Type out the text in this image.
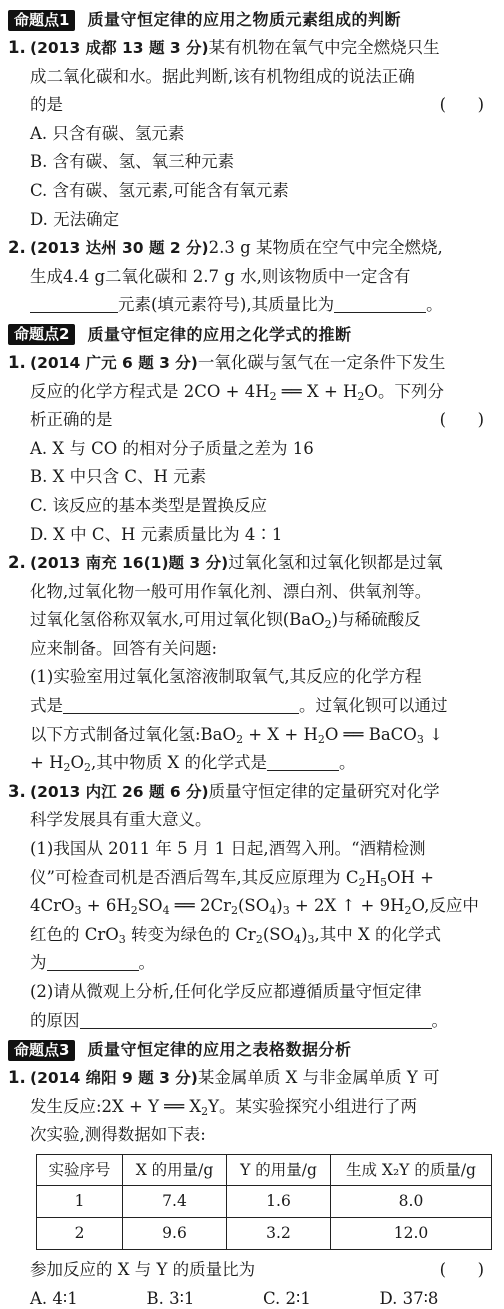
命题点1	质量守恒定律的应用之物质元素组成的判断
1. (2013 成都 13 题 3 分)某有机物在氧气中完全燃烧只生
成二氧化碳和水。据此判断,该有机物组成的说法正确
的是	(      )
A. 只含有碳、氢元素
B. 含有碳、氢、氧三种元素
C. 含有碳、氢元素,可能含有氧元素
D. 无法确定
2. (2013 达州 30 题 2 分)2.3 g 某物质在空气中完全燃烧,
生成4.4 g二氧化碳和 2.7 g 水,则该物质中一定含有
元素(填元素符号),其质量比为	。
命题点2	质量守恒定律的应用之化学式的推断
1. (2014 广元 6 题 3 分)一氧化碳与氢气在一定条件下发生
反应的化学方程式是 $2CO + 4H_2$ ══ $X + H_2O$。下列分
析正确的是	(      )
A. X 与 CO 的相对分子质量之差为 16
B. X 中只含 C、H 元素
C. 该反应的基本类型是置换反应
D. X 中 C、H 元素质量比为 4∶1
2. (2013 南充 16(1)题 3 分)过氧化氢和过氧化钡都是过氧
化物,过氧化物一般可用作氧化剂、漂白剂、供氧剂等。
过氧化氢俗称双氧水,可用过氧化钡(BaO$_2$)与稀硫酸反
应来制备。回答有关问题:
(1)实验室用过氧化氢溶液制取氧气,其反应的化学方程
式是	。过氧化钡可以通过
以下方式制备过氧化氢:BaO$_2$ + $X + H_2O$ ══ BaCO$_3$ ↓
+ $H_2O_2$,其中物质 X 的化学式是	。
3. (2013 内江 26 题 6 分)质量守恒定律的定量研究对化学
科学发展具有重大意义。
(1)我国从 2011 年 5 月 1 日起,酒驾入刑。“酒精检测
仪”可检查司机是否酒后驾车,其反应原理为 $C_2H_5OH$ +
$4CrO_3 + 6H_2SO_4$ ══ $2Cr_2(SO_4)_3 + 2X$ ↑ + $9H_2O$,反应中
红色的 CrO$_3$ 转变为绿色的 $Cr_2(SO_4)_3$,其中 X 的化学式
为	。
(2)请从微观上分析,任何化学反应都遵循质量守恒定律
的原因	。
命题点3	质量守恒定律的应用之表格数据分析
1. (2014 绵阳 9 题 3 分)某金属单质 X 与非金属单质 Y 可
发生反应:2X + Y ══ $X_2Y$。某实验探究小组进行了两
次实验,测得数据如下表:
实验序号	X 的用量/g	Y 的用量/g	生成 X₂Y 的质量/g
1	7.4	1.6	8.0
2	9.6	3.2	12.0
参加反应的 X 与 Y 的质量比为	(      )
A. 4∶1	B. 3∶1	C. 2∶1	D. 37∶8
